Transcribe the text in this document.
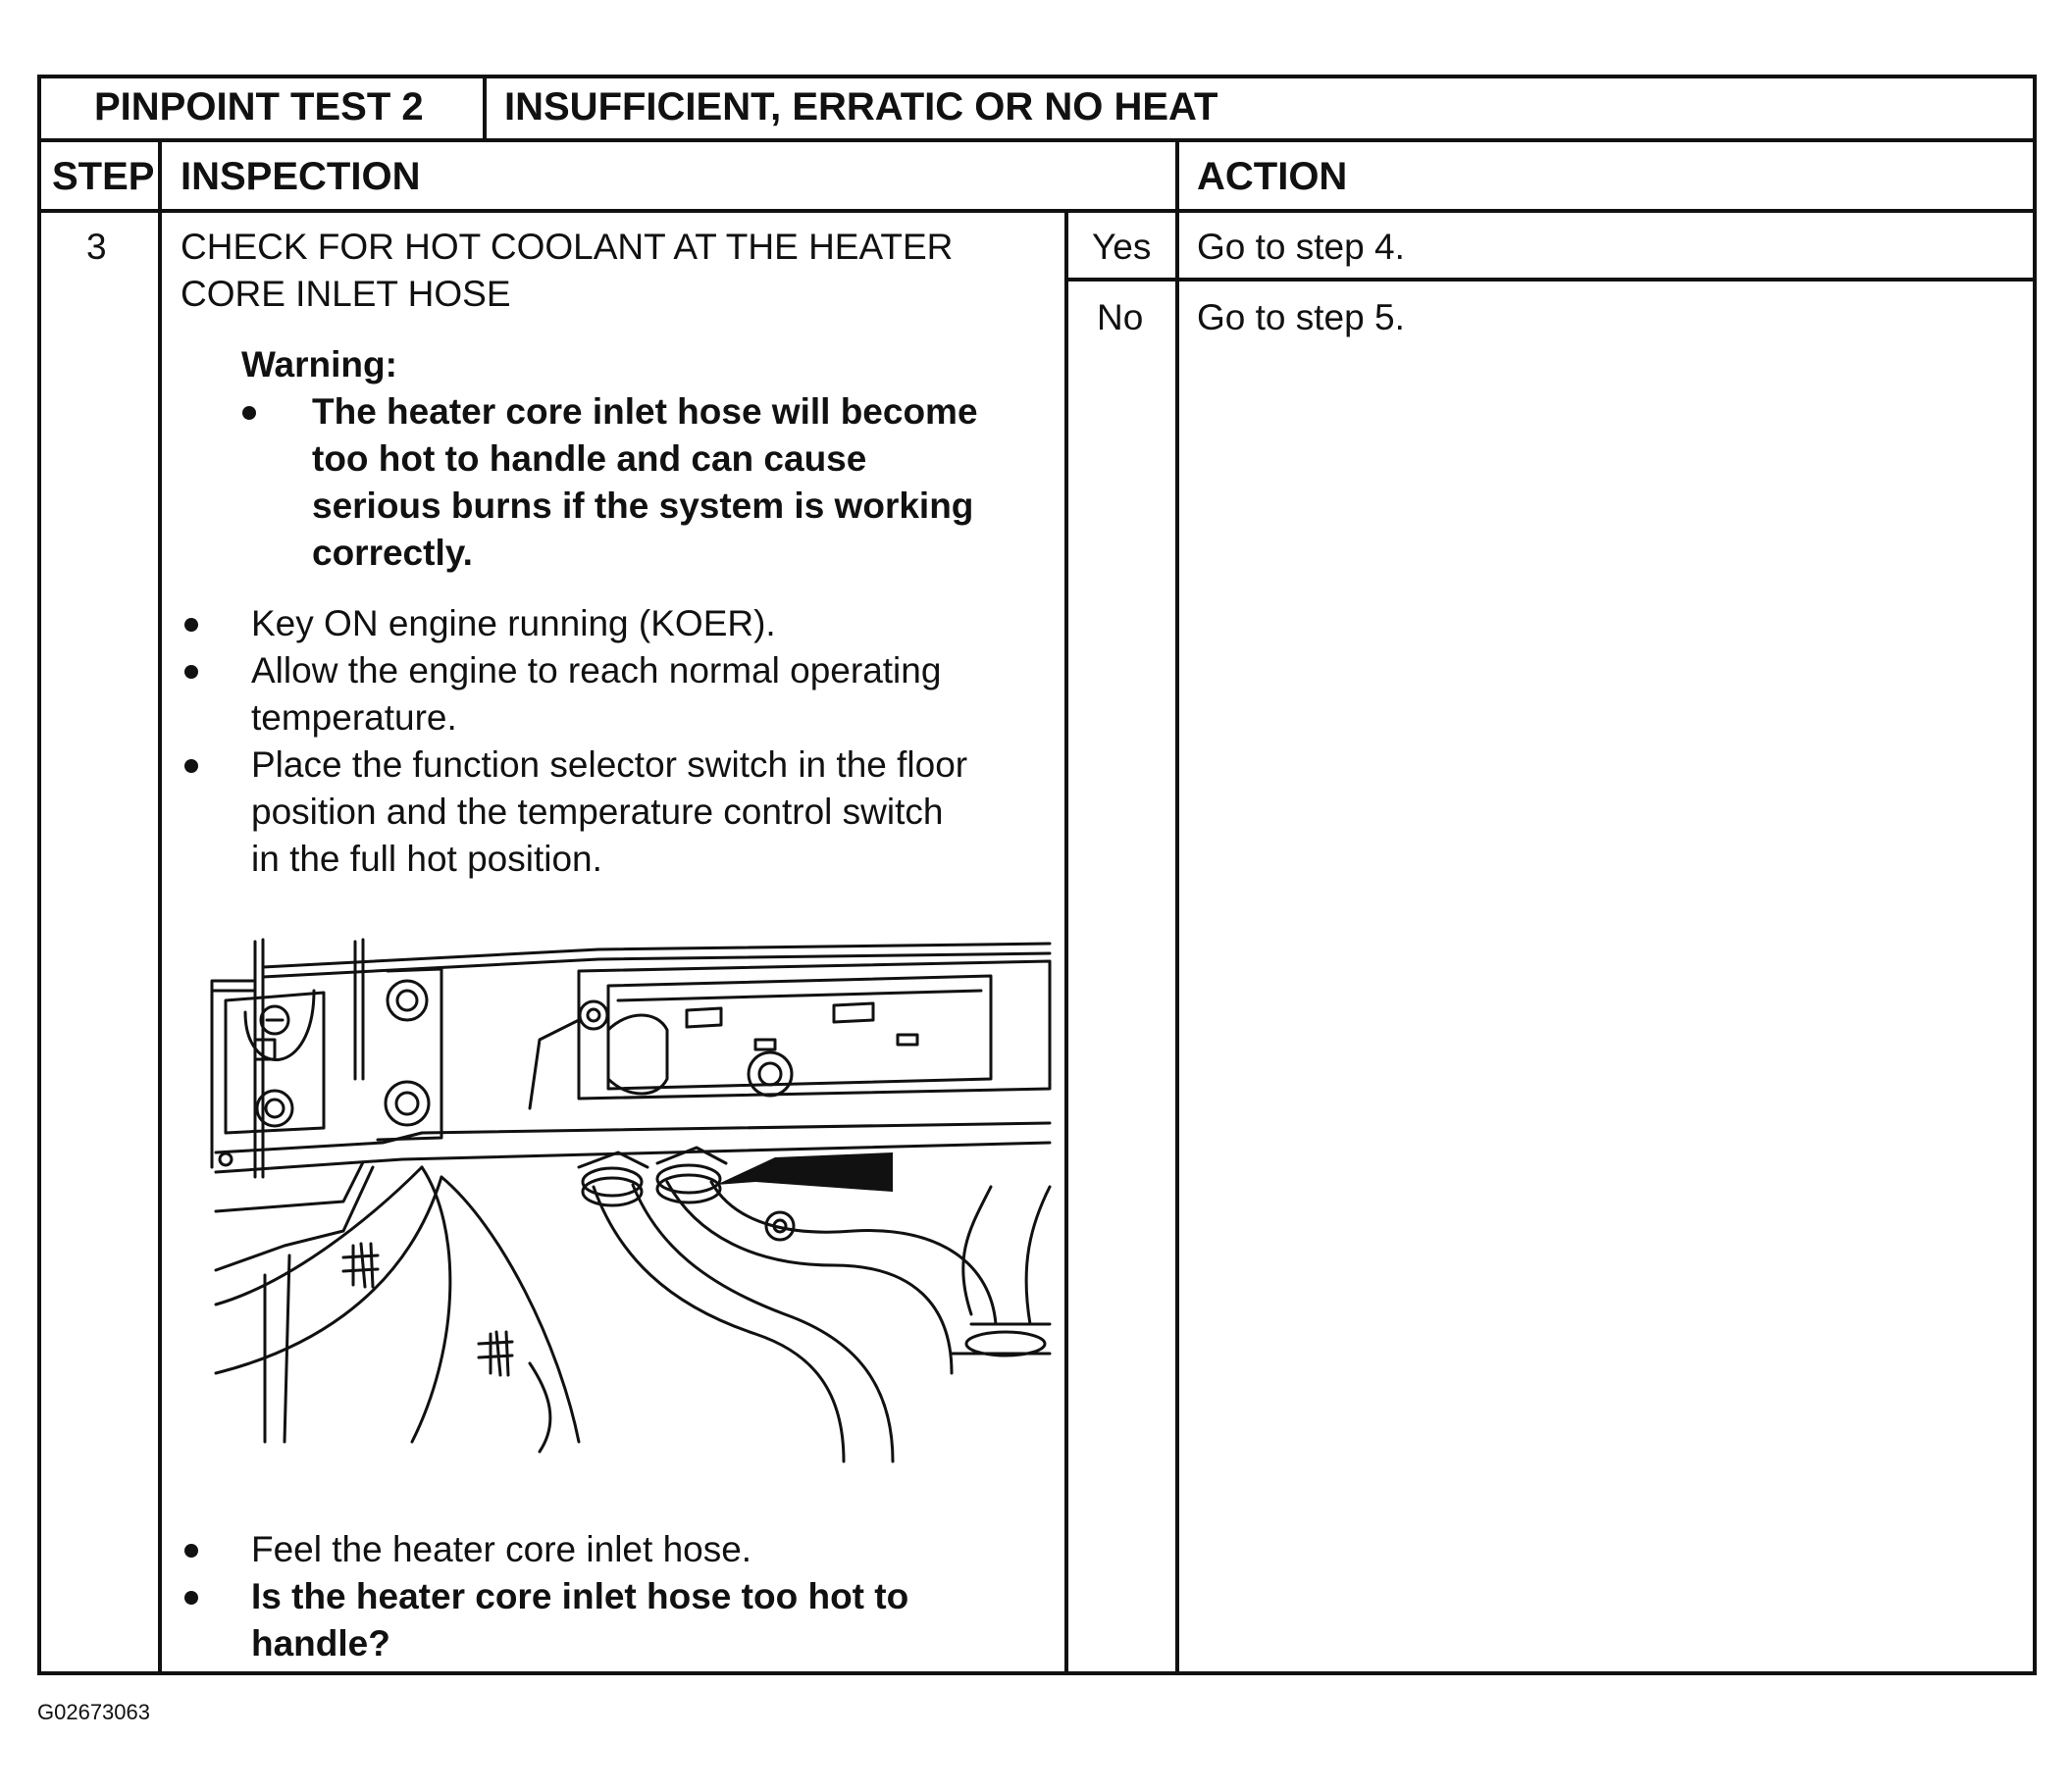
PINPOINT TEST 2 INSUFFICIENT, ERRATIC OR NO HEAT
STEP INSPECTION	ACTION
3 CHECK FOR HOT COOLANT AT THE HEATER
CORE INLET HOSE
Warning:
The heater core inlet hose will become
too hot to handle and can cause
serious burns if the system is working
correctly.
Key ON engine running (KOER).
Allow the engine to reach normal operating
temperature.
Place the function selector switch in the floor
position and the temperature control switch
in the full hot position.
Feel the heater core inlet hose.
Is the heater core inlet hose too hot to
handle?
Yes Go to step 4.
No Go to step 5.
G02673063
